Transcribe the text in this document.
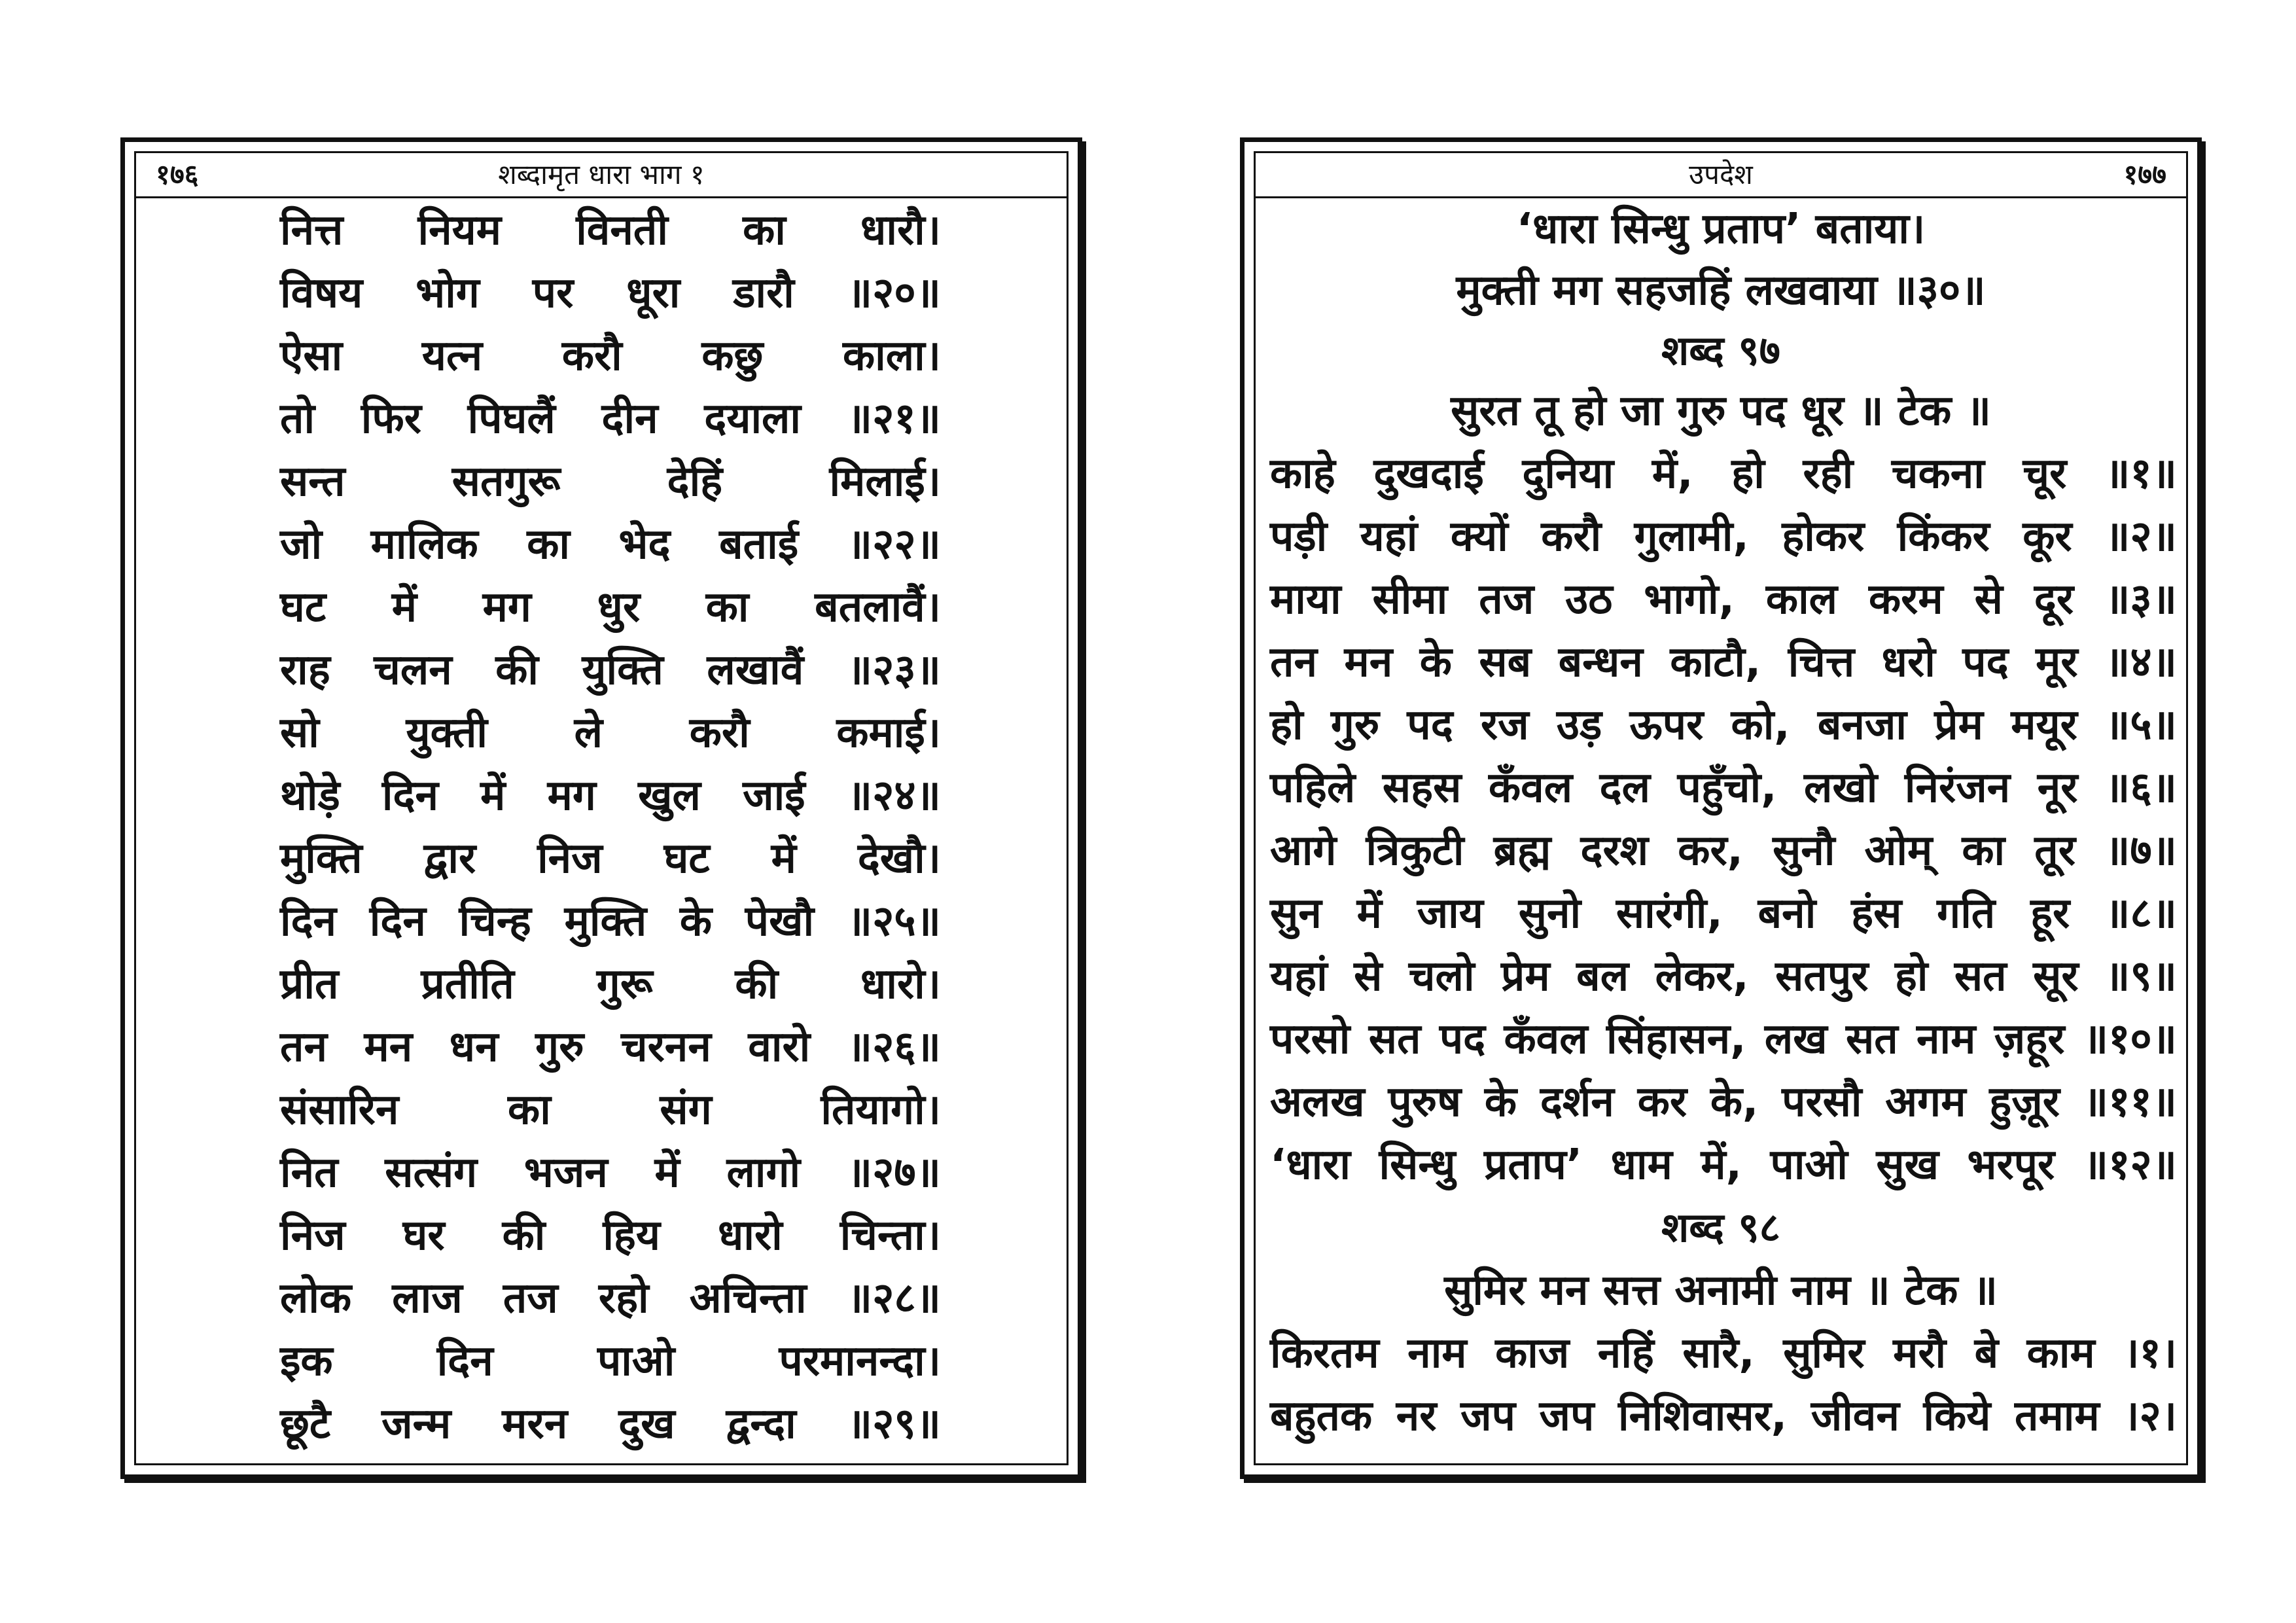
१७६	शब्दामृत धारा भाग १
नित्त नियम विनती का धारौ।
विषय भोग पर धूरा डारौ ॥२०॥
ऐसा यत्न करौ कछु काला।
तो फिर पिघलैं दीन दयाला ॥२१॥
सन्त सतगुरू देहिं मिलाई।
जो मालिक का भेद बताई ॥२२॥
घट में मग धुर का बतलावैं।
राह चलन की युक्ति लखावैं ॥२३॥
सो युक्ती ले करौ कमाई।
थोड़े दिन में मग खुल जाई ॥२४॥
मुक्ति द्वार निज घट में देखौ।
दिन दिन चिन्ह मुक्ति के पेखौ ॥२५॥
प्रीत प्रतीति गुरू की धारो।
तन मन धन गुरु चरनन वारो ॥२६॥
संसारिन का संग तियागो।
नित सत्संग भजन में लागो ॥२७॥
निज घर की हिय धारो चिन्ता।
लोक लाज तज रहो अचिन्ता ॥२८॥
इक दिन पाओ परमानन्दा।
छूटै जन्म मरन दुख द्वन्दा ॥२९॥
उपदेश	१७७
‘धारा सिन्धु प्रताप’ बताया।
मुक्ती मग सहजहिं लखवाया ॥३०॥
शब्द ९७
सुरत तू हो जा गुरु पद धूर ॥ टेक ॥
काहे दुखदाई दुनिया में, हो रही चकना चूर ॥१॥
पड़ी यहां क्यों करौ गुलामी, होकर किंकर कूर ॥२॥
माया सीमा तज उठ भागो, काल करम से दूर ॥३॥
तन मन के सब बन्धन काटौ, चित्त धरो पद मूर ॥४॥
हो गुरु पद रज उड़ ऊपर को, बनजा प्रेम मयूर ॥५॥
पहिले सहस कँवल दल पहुँचो, लखो निरंजन नूर ॥६॥
आगे त्रिकुटी ब्रह्म दरश कर, सुनौ ओम् का तूर ॥७॥
सुन में जाय सुनो सारंगी, बनो हंस गति हूर ॥८॥
यहां से चलो प्रेम बल लेकर, सतपुर हो सत सूर ॥९॥
परसो सत पद कँवल सिंहासन, लख सत नाम ज़हूर ॥१०॥
अलख पुरुष के दर्शन कर के, परसौ अगम हुज़ूर ॥११॥
‘धारा सिन्धु प्रताप’ धाम में, पाओ सुख भरपूर ॥१२॥
शब्द ९८
सुमिर मन सत्त अनामी नाम ॥ टेक ॥
किरतम नाम काज नहिं सारै, सुमिर मरौ बे काम ।१।
बहुतक नर जप जप निशिवासर, जीवन किये तमाम ।२।
